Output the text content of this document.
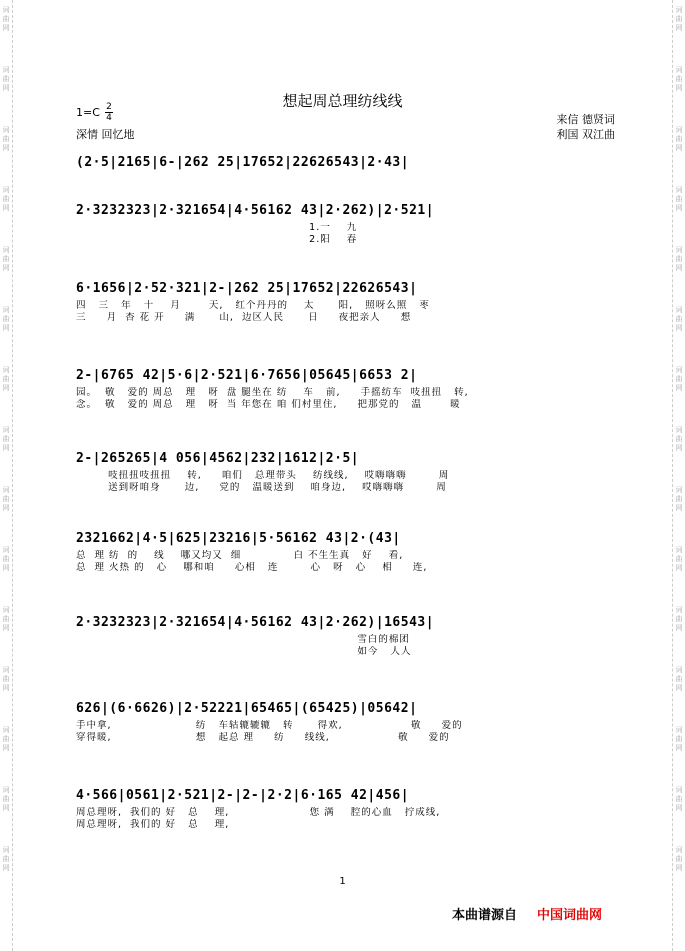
词
曲
网
词
曲
网
词
曲
网
词
曲
网
词
曲
网
词
曲
网
词
曲
网
词
曲
网
词
曲
网
词
曲
网
词
曲
网
词
曲
网
词
曲
网
词
曲
网
词
曲
网
词
曲
网
词
曲
网
词
曲
网
词
曲
网
词
曲
网
词
曲
网
词
曲
网
词
曲
网
词
曲
网
词
曲
网
词
曲
网
词
曲
网
词
曲
网
词
曲
网
词
曲
网
想起周总理纺线线
1=C 2
4
深情 回忆地
来信 德贤词
利国 双江曲
(2·5|2165|6-|262 25|17652|22626543|2·43|
2·3232323|2·321654|4·56162 43|2·262)|2·521|
1.一    九
2.阳    春
6·1656|2·52·321|2-|262 25|17652|22626543|
四   三   年   十    月       天,   红个丹丹的    太      阳,   照呀么照   枣
三     月  杏 花 开     满      山,  边区人民      日     夜把亲人     想
2-|6765 42|5·6|2·521|6·7656|05645|6653 2|
园。  敬   爱的 周总   理   呀  盘 腿坐在 纺    车   前,     手摇纺车  吱扭扭   转,
念。  敬   爱的 周总   理   呀  当 年您在 咱 们村里住,     把那党的   温       暖
2-|265265|4 056|4562|232|1612|2·5|
吱扭扭吱扭扭    转,     咱们   总理带头    纺线线,    哎嗨嗨嗨        周
送到呀咱身      边,     党的   温暖送到    咱身边,    哎嗨嗨嗨        周
2321662|4·5|625|23216|5·56162 43|2·(43|
总  理 纺  的    线    哪又均又  细             白 不生生真   好    看,
总  理 火热 的   心    哪和咱     心相   连        心   呀   心    相     连,
2·3232323|2·321654|4·56162 43|2·262)|16543|
雪白的棉团
如今   人人
626|(6·6626)|2·52221|65465|(65425)|05642|
手中拿,                     纺   车轱辘辘辘   转      得欢,                 敬     爱的
穿得暖,                     想   起总 理     纺     线线,                 敬     爱的
4·566|0561|2·521|2-|2-|2·2|6·165 42|456|
周总理呀,  我们的 好   总    理,                    您 满    腔的心血   拧成线,
周总理呀,  我们的 好   总    理,
1
本曲谱源自 中国词曲网
